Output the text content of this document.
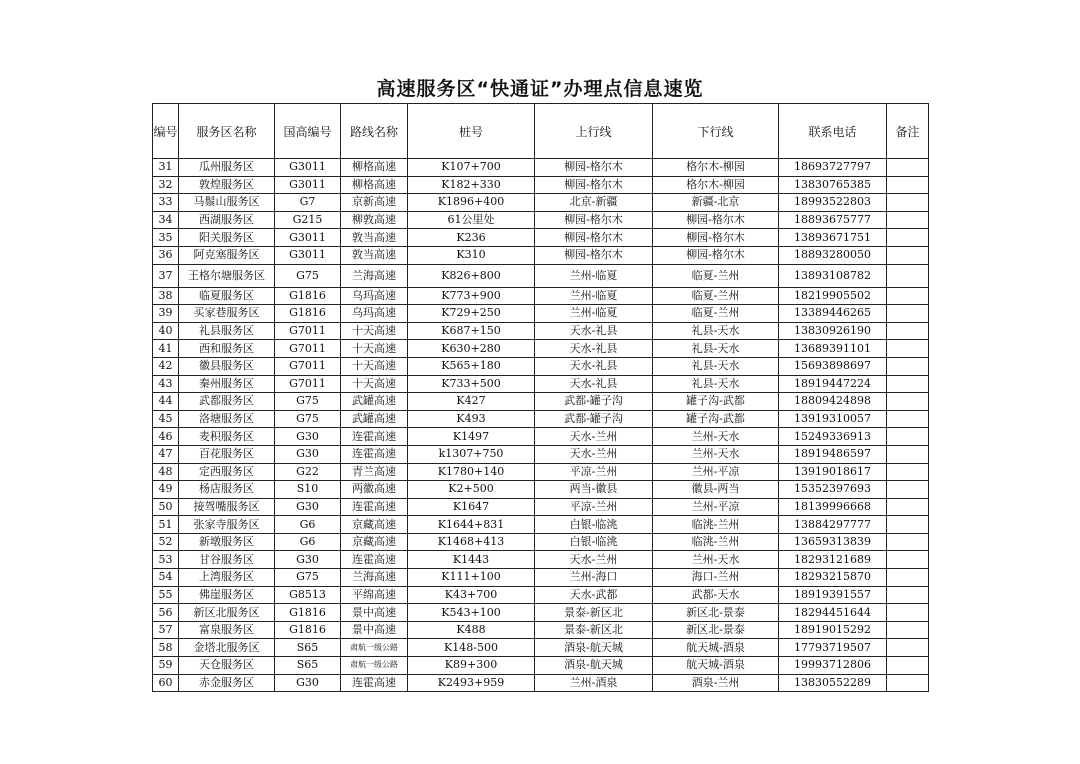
高速服务区“快通证”办理点信息速览
编号	服务区名称	国高编号	路线名称	桩号	上行线	下行线	联系电话	备注
31	瓜州服务区	G3011	柳格高速	K107+700	柳园-格尔木	格尔木-柳园	18693727797	
32	敦煌服务区	G3011	柳格高速	K182+330	柳园-格尔木	格尔木-柳园	13830765385	
33	马鬃山服务区	G7	京新高速	K1896+400	北京-新疆	新疆-北京	18993522803	
34	西湖服务区	G215	柳敦高速	61公里处	柳园-格尔木	柳园-格尔木	18893675777	
35	阳关服务区	G3011	敦当高速	K236	柳园-格尔木	柳园-格尔木	13893671751	
36	阿克塞服务区	G3011	敦当高速	K310	柳园-格尔木	柳园-格尔木	18893280050	
37	王格尔塘服务区	G75	兰海高速	K826+800	兰州-临夏	临夏-兰州	13893108782	
38	临夏服务区	G1816	乌玛高速	K773+900	兰州-临夏	临夏-兰州	18219905502	
39	买家巷服务区	G1816	乌玛高速	K729+250	兰州-临夏	临夏-兰州	13389446265	
40	礼县服务区	G7011	十天高速	K687+150	天水-礼县	礼县-天水	13830926190	
41	西和服务区	G7011	十天高速	K630+280	天水-礼县	礼县-天水	13689391101	
42	徽县服务区	G7011	十天高速	K565+180	天水-礼县	礼县-天水	15693898697	
43	秦州服务区	G7011	十天高速	K733+500	天水-礼县	礼县-天水	18919447224	
44	武都服务区	G75	武罐高速	K427	武都-罐子沟	罐子沟-武都	18809424898	
45	洛塘服务区	G75	武罐高速	K493	武都-罐子沟	罐子沟-武都	13919310057	
46	麦积服务区	G30	连霍高速	K1497	天水-兰州	兰州-天水	15249336913	
47	百花服务区	G30	连霍高速	k1307+750	天水-兰州	兰州-天水	18919486597	
48	定西服务区	G22	青兰高速	K1780+140	平凉-兰州	兰州-平凉	13919018617	
49	杨店服务区	S10	两徽高速	K2+500	两当-徽县	徽县-两当	15352397693	
50	接驾嘴服务区	G30	连霍高速	K1647	平凉-兰州	兰州-平凉	18139996668	
51	张家寺服务区	G6	京藏高速	K1644+831	白银-临洮	临洮-兰州	13884297777	
52	新墩服务区	G6	京藏高速	K1468+413	白银-临洮	临洮-兰州	13659313839	
53	甘谷服务区	G30	连霍高速	K1443	天水-兰州	兰州-天水	18293121689	
54	上湾服务区	G75	兰海高速	K111+100	兰州-海口	海口-兰州	18293215870	
55	佛崖服务区	G8513	平绵高速	K43+700	天水-武都	武都-天水	18919391557	
56	新区北服务区	G1816	景中高速	K543+100	景泰-新区北	新区北-景泰	18294451644	
57	富泉服务区	G1816	景中高速	K488	景泰-新区北	新区北-景泰	18919015292	
58	金塔北服务区	S65	肃航一级公路	K148-500	酒泉-航天城	航天城-酒泉	17793719507	
59	天仓服务区	S65	肃航一级公路	K89+300	酒泉-航天城	航天城-酒泉	19993712806	
60	赤金服务区	G30	连霍高速	K2493+959	兰州-酒泉	酒泉-兰州	13830552289	
